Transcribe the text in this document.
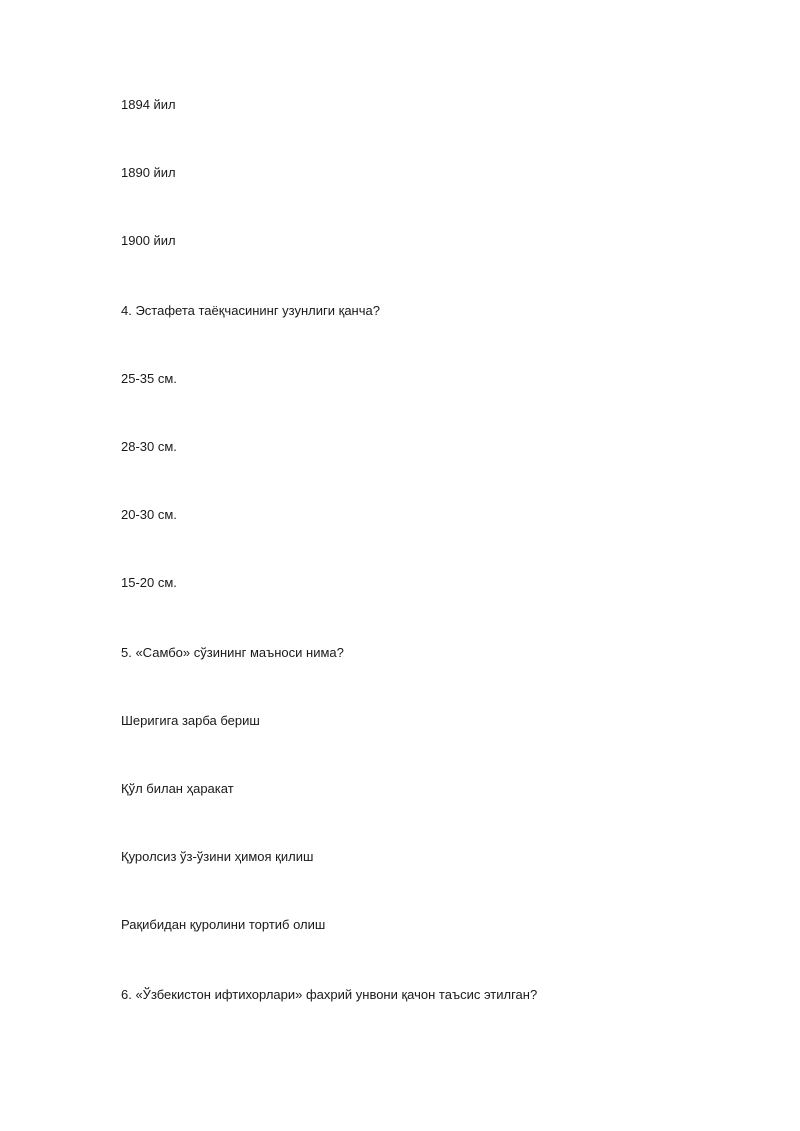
1894 йил
1890 йил
1900 йил
4. Эстафета таёқчасининг узунлиги қанча?
25-35 см.
28-30 см.
20-30 см.
15-20 см.
5. «Самбо» сўзининг маъноси нима?
Шеригига зарба бериш
Қўл билан ҳаракат
Қуролсиз ўз-ўзини ҳимоя қилиш
Рақибидан қуролини тортиб олиш
6. «Ўзбекистон ифтихорлари» фахрий унвони қачон таъсис этилган?
